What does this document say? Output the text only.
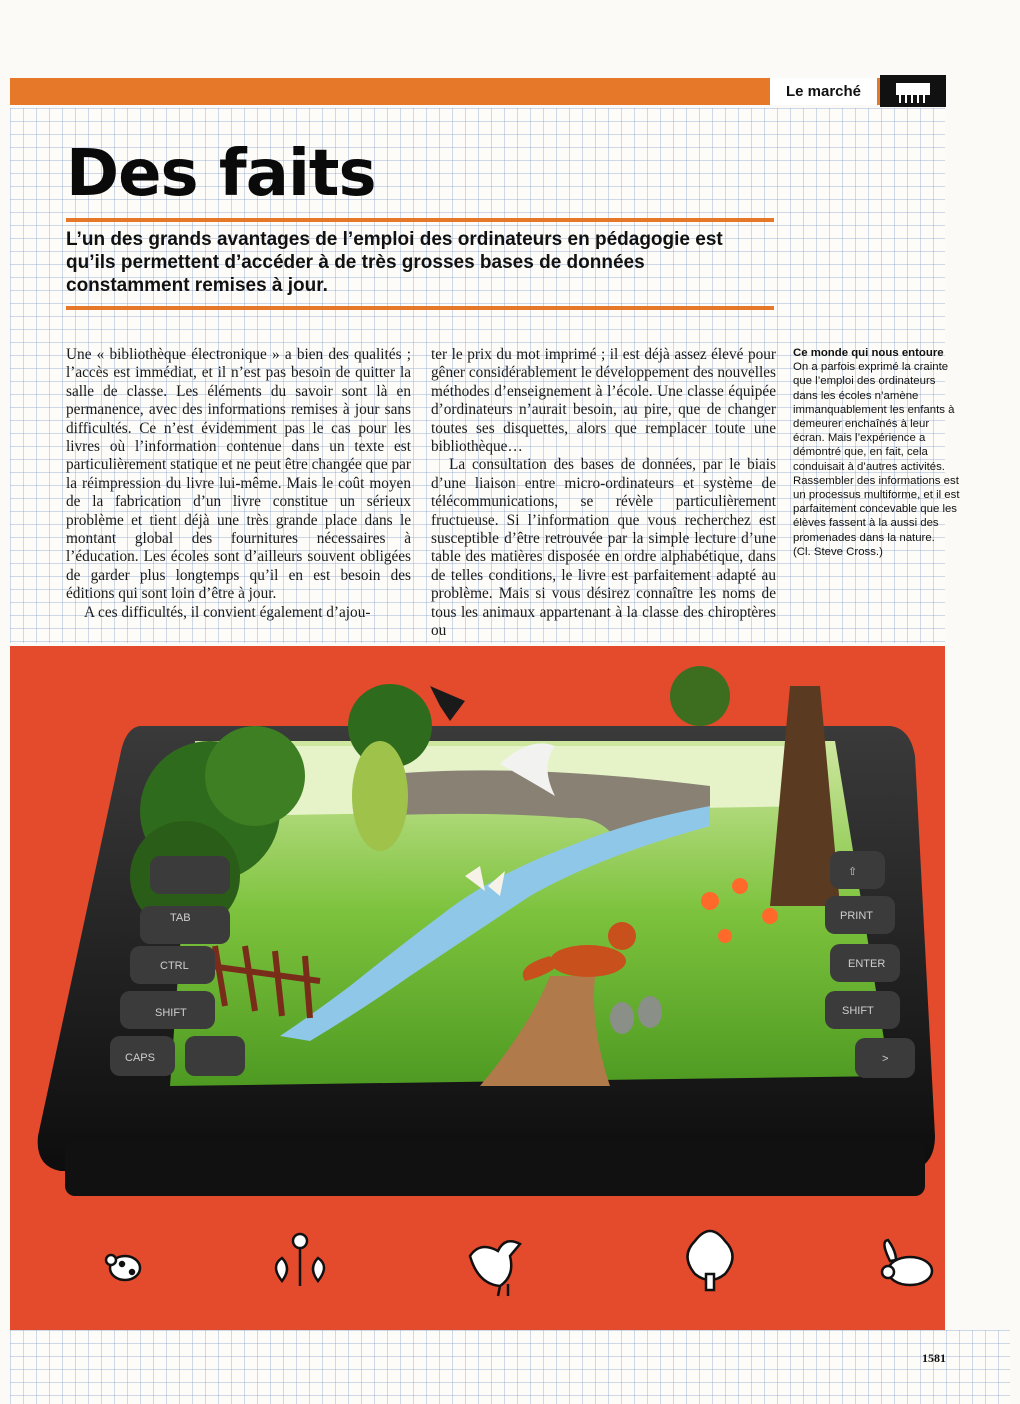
Le marché
Des faits

L’un des grands avantages de l’emploi des ordinateurs en pédagogie est qu’ils permettent d’accéder à de très grosses bases de données constamment remises à jour.

Une « bibliothèque électronique » a bien des qualités ; l’accès est immédiat, et il n’est pas besoin de quitter la salle de classe. Les éléments du savoir sont là en permanence, avec des informations remises à jour sans difficultés. Ce n’est évidemment pas le cas pour les livres où l’information contenue dans un texte est particulièrement statique et ne peut être changée que par la réimpression du livre lui-même. Mais le coût moyen de la fabrication d’un livre constitue un sérieux problème et tient déjà une très grande place dans le montant global des fournitures nécessaires à l’éducation. Les écoles sont d’ailleurs souvent obligées de garder plus longtemps qu’il en est besoin des éditions qui sont loin d’être à jour.
A ces difficultés, il convient également d’ajou-
ter le prix du mot imprimé ; il est déjà assez élevé pour gêner considérablement le développement des nouvelles méthodes d’enseignement à l’école. Une classe équipée d’ordinateurs n’aurait besoin, au pire, que de changer toutes ses disquettes, alors que remplacer toute une bibliothèque…
La consultation des bases de données, par le biais d’une liaison entre micro-ordinateurs et système de télécommunications, se révèle particulièrement fructueuse. Si l’information que vous recherchez est susceptible d’être retrouvée par la simple lecture d’une table des matières disposée en ordre alphabétique, dans de telles conditions, le livre est parfaitement adapté au problème. Mais si vous désirez connaître les noms de tous les animaux appartenant à la classe des chiroptères ou
Ce monde qui nous entoure
On a parfois exprimé la crainte que l’emploi des ordinateurs dans les écoles n’amène immanquablement les enfants à demeurer enchaînés à leur écran. Mais l’expérience a démontré que, en fait, cela conduisait à d’autres activités. Rassembler des informations est un processus multiforme, et il est parfaitement concevable que les élèves fassent à la aussi des promenades dans la nature.
(Cl. Steve Cross.)
TAB
CTRL
SHIFT
CAPS
⇧
PRINT
ENTER
SHIFT
>
1581
